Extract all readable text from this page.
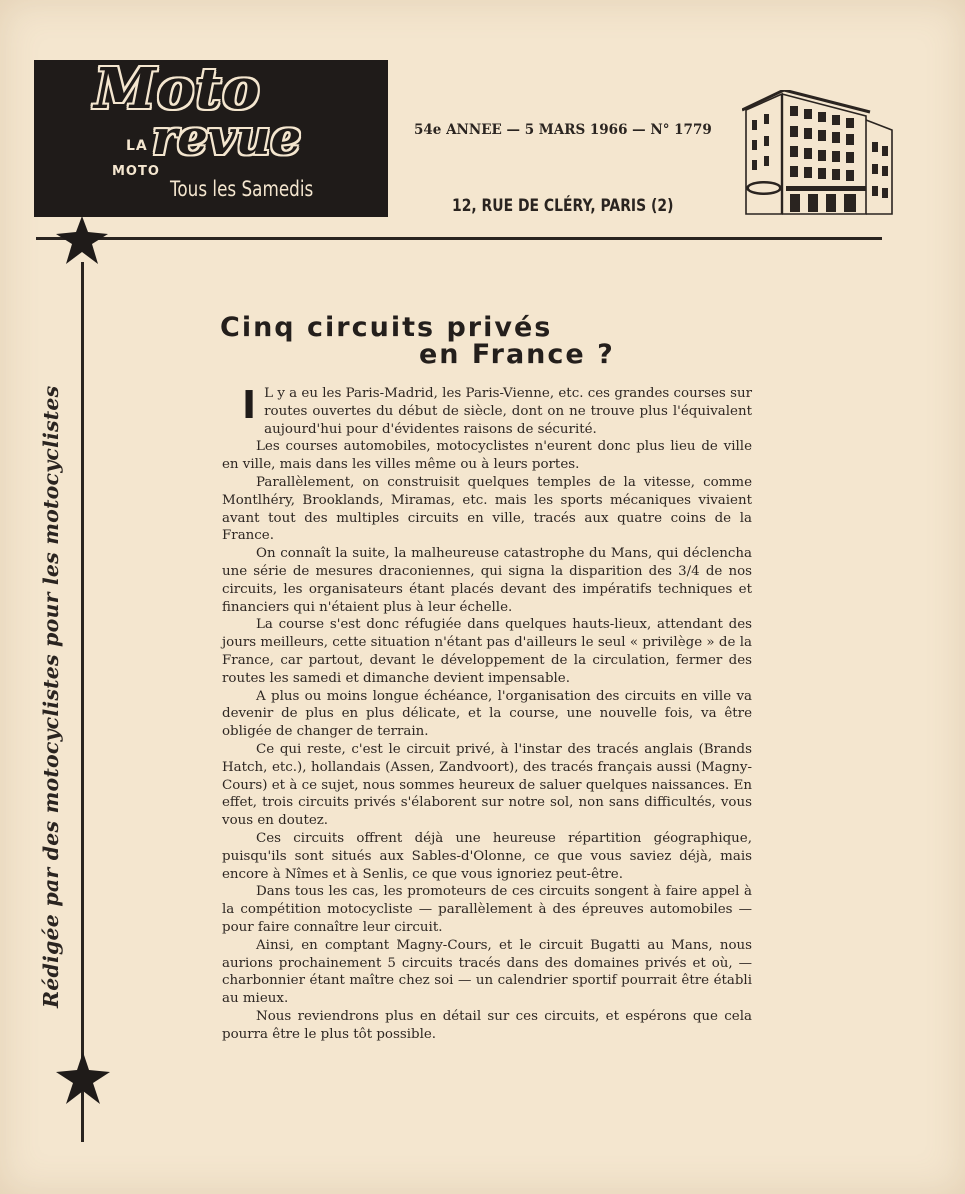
Moto
revue
LA
MOTO
Tous les Samedis
54e ANNEE — 5 MARS 1966 — N° 1779
12, RUE DE CLÉRY, PARIS (2)
Rédigée par des motocyclistes pour les motocyclistes
Cinq circuits privés
en France ?

I L y a eu les Paris-Madrid, les Paris-Vienne, etc. ces grandes courses sur routes ouvertes du début de siècle, dont on ne trouve plus l'équivalent aujourd'hui pour d'évidentes raisons de sécurité.

Les courses automobiles, motocyclistes n'eurent donc plus lieu de ville en ville, mais dans les villes même ou à leurs portes.

Parallèlement, on construisit quelques temples de la vitesse, comme Montlhéry, Brooklands, Miramas, etc. mais les sports mécaniques vivaient avant tout des multiples circuits en ville, tracés aux quatre coins de la France.

On connaît la suite, la malheureuse catastrophe du Mans, qui déclencha une série de mesures draconiennes, qui signa la disparition des 3/4 de nos circuits, les organisateurs étant placés devant des impératifs techniques et financiers qui n'étaient plus à leur échelle.

La course s'est donc réfugiée dans quelques hauts-lieux, attendant des jours meilleurs, cette situation n'étant pas d'ailleurs le seul « privilège » de la France, car partout, devant le développement de la circulation, fermer des routes les samedi et dimanche devient impensable.

A plus ou moins longue échéance, l'organisation des circuits en ville va devenir de plus en plus délicate, et la course, une nouvelle fois, va être obligée de changer de terrain.

Ce qui reste, c'est le circuit privé, à l'instar des tracés anglais (Brands Hatch, etc.), hollandais (Assen, Zandvoort), des tracés français aussi (Magny-Cours) et à ce sujet, nous sommes heureux de saluer quelques naissances. En effet, trois circuits privés s'élaborent sur notre sol, non sans difficultés, vous vous en doutez.

Ces circuits offrent déjà une heureuse répartition géographique, puisqu'ils sont situés aux Sables-d'Olonne, ce que vous saviez déjà, mais encore à Nîmes et à Senlis, ce que vous ignoriez peut-être.

Dans tous les cas, les promoteurs de ces circuits songent à faire appel à la compétition motocycliste — parallèlement à des épreuves automobiles — pour faire connaître leur circuit.

Ainsi, en comptant Magny-Cours, et le circuit Bugatti au Mans, nous aurions prochainement 5 circuits tracés dans des domaines privés et où, — charbonnier étant maître chez soi — un calendrier sportif pourrait être établi au mieux.

Nous reviendrons plus en détail sur ces circuits, et espérons que cela pourra être le plus tôt possible.
